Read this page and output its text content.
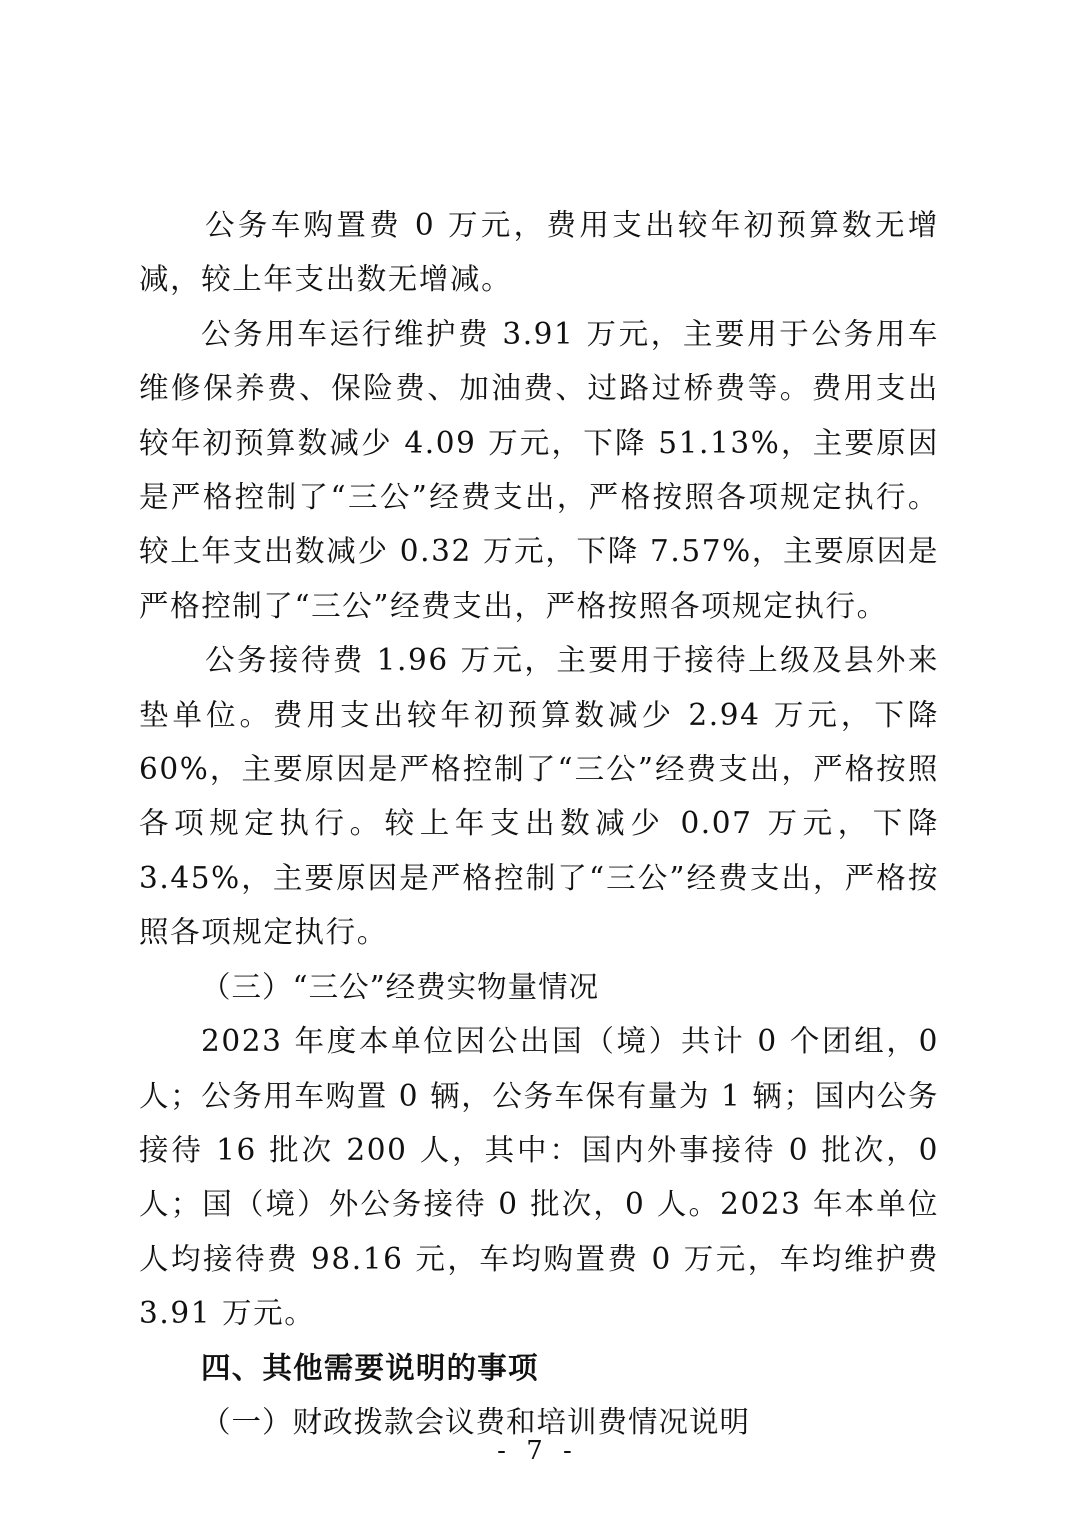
公务车购置费 0 万元，费用支出较年初预算数无增减，较上年支出数无增减。

公务用车运行维护费 3.91 万元，主要用于公务用车维修保养费、保险费、加油费、过路过桥费等。费用支出较年初预算数减少 4.09 万元，下降 51.13%，主要原因是严格控制了“三公”经费支出，严格按照各项规定执行。较上年支出数减少 0.32 万元，下降 7.57%，主要原因是严格控制了“三公”经费支出，严格按照各项规定执行。

公务接待费 1.96 万元，主要用于接待上级及县外来垫单位。费用支出较年初预算数减少 2.94 万元，下降 60%，主要原因是严格控制了“三公”经费支出，严格按照各项规定执行。较上年支出数减少 0.07 万元，下降 3.45%，主要原因是严格控制了“三公”经费支出，严格按照各项规定执行。

（三）“三公”经费实物量情况

2023 年度本单位因公出国（境）共计 0 个团组，0 人；公务用车购置 0 辆，公务车保有量为 1 辆；国内公务接待 16 批次 200 人，其中：国内外事接待 0 批次，0 人；国（境）外公务接待 0 批次，0 人。2023 年本单位人均接待费 98.16 元，车均购置费 0 万元，车均维护费 3.91 万元。

四、其他需要说明的事项

（一）财政拨款会议费和培训费情况说明

- 7 -
